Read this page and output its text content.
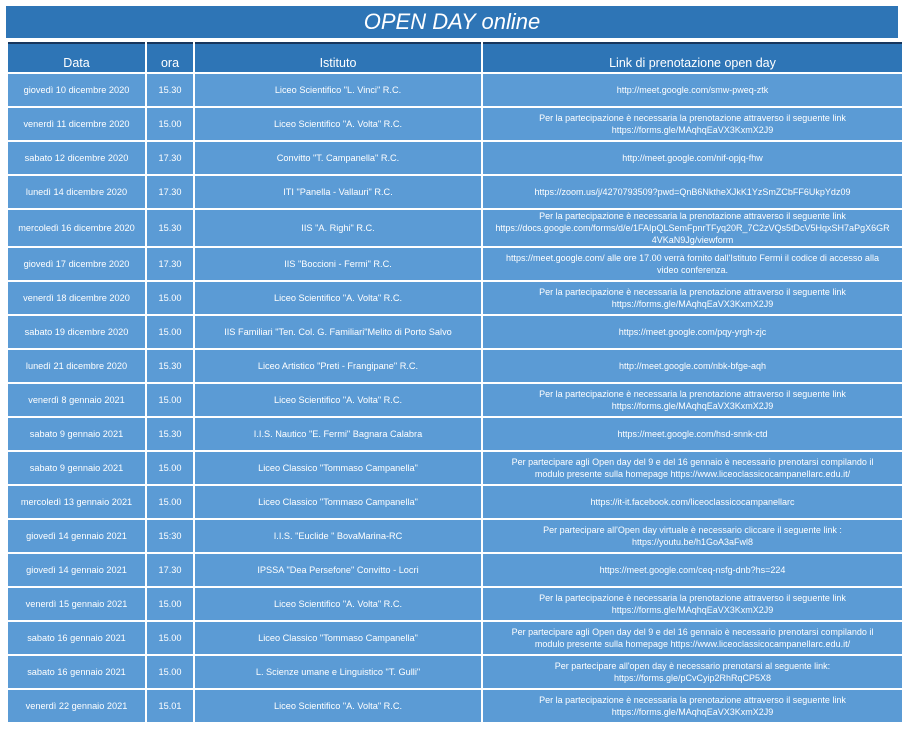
OPEN DAY online
Data	ora	Istituto	Link di prenotazione open day

giovedì 10 dicembre 2020	15.30	Liceo Scientifico "L. Vinci" R.C.	http://meet.google.com/smw-pweq-ztk

venerdì 11 dicembre 2020	15.00	Liceo Scientifico "A. Volta" R.C.	Per la partecipazione è necessaria la prenotazione attraverso il seguente link
https://forms.gle/MAqhqEaVX3KxmX2J9

sabato 12 dicembre 2020	17.30	Convitto "T. Campanella" R.C.	http://meet.google.com/nif-opjq-fhw

lunedì 14 dicembre 2020	17.30	ITI "Panella - Vallauri" R.C.	https://zoom.us/j/4270793509?pwd=QnB6NktheXJkK1YzSmZCbFF6UkpYdz09

mercoledì 16 dicembre 2020	15.30	IIS "A. Righi" R.C.	Per la partecipazione è necessaria la prenotazione attraverso il seguente link
https://docs.google.com/forms/d/e/1FAIpQLSemFpnrTFyq20R_7C2zVQs5tDcV5HqxSH7aPgX6GR
4VKaN9Jg/viewform

giovedì 17 dicembre 2020	17.30	IIS "Boccioni - Fermi" R.C.	https://meet.google.com/ alle ore 17.00 verrà fornito dall'Istituto Fermi il codice di accesso alla
video conferenza.

venerdì 18 dicembre 2020	15.00	Liceo Scientifico "A. Volta" R.C.	Per la partecipazione è necessaria la prenotazione attraverso il seguente link
https://forms.gle/MAqhqEaVX3KxmX2J9

sabato 19 dicembre 2020	15.00	IIS Familiari "Ten. Col. G. Familiari"Melito di Porto Salvo	https://meet.google.com/pqy-yrgh-zjc

lunedì 21 dicembre 2020	15.30	Liceo Artistico "Preti - Frangipane" R.C.	http://meet.google.com/nbk-bfge-aqh

venerdì 8 gennaio 2021	15.00	Liceo Scientifico "A. Volta" R.C.	Per la partecipazione è necessaria la prenotazione attraverso il seguente link
https://forms.gle/MAqhqEaVX3KxmX2J9

sabato 9 gennaio 2021	15.30	I.I.S. Nautico "E. Fermi" Bagnara Calabra	https://meet.google.com/hsd-snnk-ctd

sabato 9 gennaio 2021	15.00	Liceo Classico "Tommaso Campanella"	Per partecipare agli Open day del 9 e del 16 gennaio è necessario prenotarsi compilando il
modulo presente sulla homepage https://www.liceoclassicocampanellarc.edu.it/

mercoledì 13 gennaio 2021	15.00	Liceo Classico "Tommaso Campanella"	https://it-it.facebook.com/liceoclassicocampanellarc

giovedì 14 gennaio 2021	15:30	I.I.S. "Euclide " BovaMarina-RC	Per partecipare all'Open day virtuale è necessario cliccare il seguente link :
https://youtu.be/h1GoA3aFwl8

giovedì 14 gennaio 2021	17.30	IPSSA "Dea Persefone" Convitto - Locri	https://meet.google.com/ceq-nsfg-dnb?hs=224

venerdì 15 gennaio 2021	15.00	Liceo Scientifico "A. Volta" R.C.	Per la partecipazione è necessaria la prenotazione attraverso il seguente link
https://forms.gle/MAqhqEaVX3KxmX2J9

sabato 16 gennaio 2021	15.00	Liceo Classico "Tommaso Campanella"	Per partecipare agli Open day del 9 e del 16 gennaio è necessario prenotarsi compilando il
modulo presente sulla homepage https://www.liceoclassicocampanellarc.edu.it/

sabato 16 gennaio 2021	15.00	L. Scienze umane e Linguistico "T. Gulli"	Per partecipare all'open day è necessario prenotarsi al seguente link:
https://forms.gle/pCvCyip2RhRqCP5X8

venerdì 22 gennaio 2021	15.01	Liceo Scientifico "A. Volta" R.C.	Per la partecipazione è necessaria la prenotazione attraverso il seguente link
https://forms.gle/MAqhqEaVX3KxmX2J9
